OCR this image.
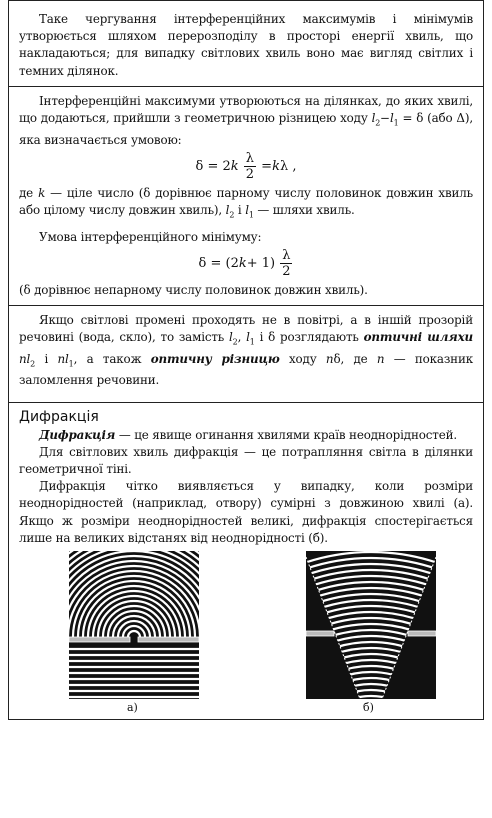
Таке чергування інтерференційних максимумів і мінімумів утворюється шляхом перерозподілу в просторі енергії хвиль, що накладаються; для випадку світлових хвиль воно має вигляд світлих і темних ділянок.

Інтерференційні максимуми утворюються на ділянках, до яких хвилі, що додаються, прийшли з геометричною різницею ходу $l_2-l_1 = \delta$ (або Δ), яка визначається умовою:

δ = 2 k
$\frac{\lambda}{2} = k$ λ ,

де k — ціле число (δ дорівнює парному числу половинок довжин хвиль або цілому числу довжин хвиль), $l_2$ і $l_1$ — шляхи хвиль.

Умова інтерференційного мінімуму:

δ = (2 $k + 1) \frac{\lambda}{2}$

(δ дорівнює непарному числу половинок довжин хвиль).

Якщо світлові промені проходять не в повітрі, а в іншій прозорій речовині (вода, скло), то замість $l_2$, $l_1$ і δ розглядають оптичні шляхи $nl_2$ і $nl_1$, а також оптичну різницю ходу nδ, де n — показник заломлення речовини.

Дифракція

Дифракція — це явище огинання хвилями країв неоднорідностей.

Для світлових хвиль дифракція — це потрапляння світла в ділянки геометричної тіні.

Дифракція чітко виявляється у випадку, коли розміри неоднорідностей (наприклад, отвору) сумірні з довжиною хвилі (а). Якщо ж розміри неоднорідностей великі, дифракція спостерігається лише на великих відстанях від неоднорідності (б).

а)	б)
